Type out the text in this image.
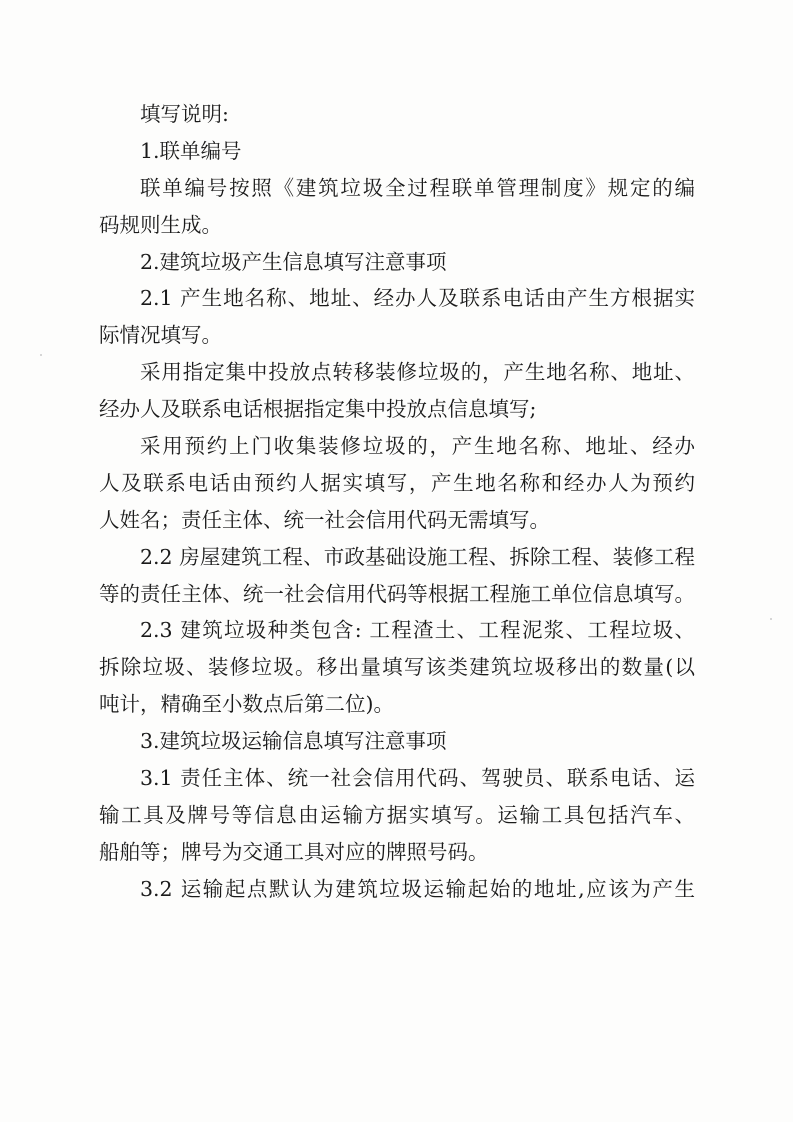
填写说明:
1.联单编号
联单编号按照《建筑垃圾全过程联单管理制度》规定的编
码规则生成。
2.建筑垃圾产生信息填写注意事项
2.1 产生地名称、地址、经办人及联系电话由产生方根据实
际情况填写。
采用指定集中投放点转移装修垃圾的，产生地名称、地址、
经办人及联系电话根据指定集中投放点信息填写;
采用预约上门收集装修垃圾的，产生地名称、地址、经办
人及联系电话由预约人据实填写，产生地名称和经办人为预约
人姓名；责任主体、统一社会信用代码无需填写。
2.2 房屋建筑工程、市政基础设施工程、拆除工程、装修工程
等的责任主体、统一社会信用代码等根据工程施工单位信息填写。
2.3 建筑垃圾种类包含: 工程渣土、工程泥浆、工程垃圾、
拆除垃圾、装修垃圾。移出量填写该类建筑垃圾移出的数量(以
吨计，精确至小数点后第二位)。
3.建筑垃圾运输信息填写注意事项
3.1 责任主体、统一社会信用代码、驾驶员、联系电话、运
输工具及牌号等信息由运输方据实填写。运输工具包括汽车、
船舶等；牌号为交通工具对应的牌照号码。
3.2 运输起点默认为建筑垃圾运输起始的地址,应该为产生
